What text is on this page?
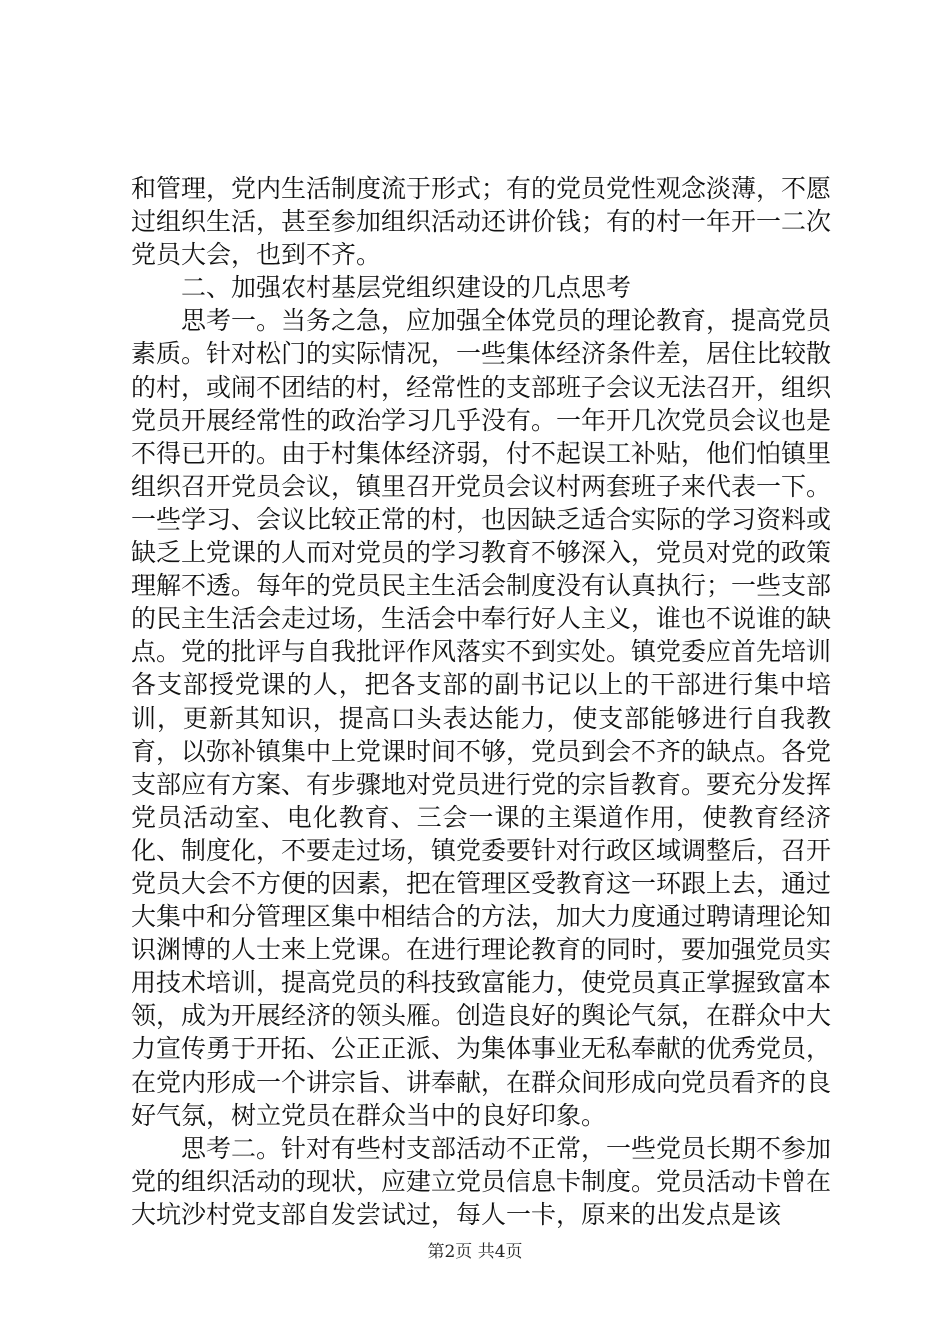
和管理，党内生活制度流于形式；有的党员党性观念淡薄，不愿过组织生活，甚至参加组织活动还讲价钱；有的村一年开一二次党员大会，也到不齐。

二、加强农村基层党组织建设的几点思考

思考一。当务之急，应加强全体党员的理论教育，提高党员素质。针对松门的实际情况，一些集体经济条件差，居住比较散的村，或闹不团结的村，经常性的支部班子会议无法召开，组织党员开展经常性的政治学习几乎没有。一年开几次党员会议也是不得已开的。由于村集体经济弱，付不起误工补贴，他们怕镇里组织召开党员会议，镇里召开党员会议村两套班子来代表一下。一些学习、会议比较正常的村，也因缺乏适合实际的学习资料或缺乏上党课的人而对党员的学习教育不够深入，党员对党的政策理解不透。每年的党员民主生活会制度没有认真执行；一些支部的民主生活会走过场，生活会中奉行好人主义，谁也不说谁的缺点。党的批评与自我批评作风落实不到实处。镇党委应首先培训各支部授党课的人，把各支部的副书记以上的干部进行集中培训，更新其知识，提高口头表达能力，使支部能够进行自我教育，以弥补镇集中上党课时间不够，党员到会不齐的缺点。各党支部应有方案、有步骤地对党员进行党的宗旨教育。要充分发挥党员活动室、电化教育、三会一课的主渠道作用，使教育经济化、制度化，不要走过场，镇党委要针对行政区域调整后，召开党员大会不方便的因素，把在管理区受教育这一环跟上去，通过大集中和分管理区集中相结合的方法，加大力度通过聘请理论知识渊博的人士来上党课。在进行理论教育的同时，要加强党员实用技术培训，提高党员的科技致富能力，使党员真正掌握致富本领，成为开展经济的领头雁。创造良好的舆论气氛，在群众中大力宣传勇于开拓、公正正派、为集体事业无私奉献的优秀党员，在党内形成一个讲宗旨、讲奉献，在群众间形成向党员看齐的良好气氛，树立党员在群众当中的良好印象。

思考二。针对有些村支部活动不正常，一些党员长期不参加党的组织活动的现状，应建立党员信息卡制度。党员活动卡曾在大坑沙村党支部自发尝试过，每人一卡，原来的出发点是该

第2页 共4页
